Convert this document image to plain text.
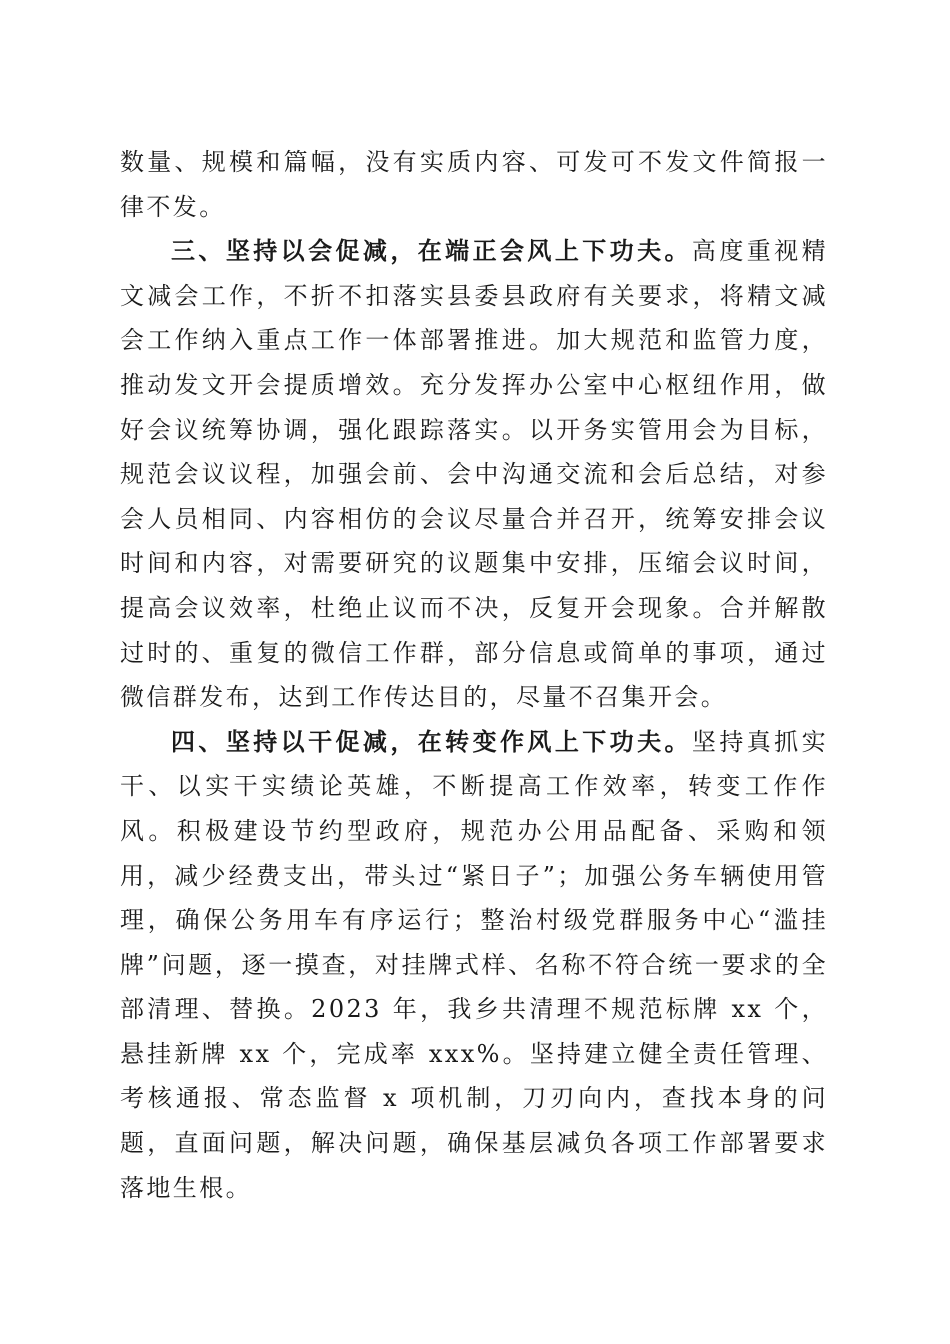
数量、规模和篇幅，没有实质内容、可发可不发文件简报一律不发。

三、坚持以会促减，在端正会风上下功夫。高度重视精文减会工作，不折不扣落实县委县政府有关要求，将精文减会工作纳入重点工作一体部署推进。加大规范和监管力度，推动发文开会提质增效。充分发挥办公室中心枢纽作用，做好会议统筹协调，强化跟踪落实。以开务实管用会为目标，规范会议议程，加强会前、会中沟通交流和会后总结，对参会人员相同、内容相仿的会议尽量合并召开，统筹安排会议时间和内容，对需要研究的议题集中安排，压缩会议时间，提高会议效率，杜绝止议而不决，反复开会现象。合并解散过时的、重复的微信工作群，部分信息或简单的事项，通过微信群发布，达到工作传达目的，尽量不召集开会。

四、坚持以干促减，在转变作风上下功夫。坚持真抓实干、以实干实绩论英雄，不断提高工作效率，转变工作作风。积极建设节约型政府，规范办公用品配备、采购和领用，减少经费支出，带头过“紧日子”；加强公务车辆使用管理，确保公务用车有序运行；整治村级党群服务中心“滥挂牌”问题，逐一摸查，对挂牌式样、名称不符合统一要求的全部清理、替换。2023 年，我乡共清理不规范标牌 xx 个，悬挂新牌 xx 个，完成率 xxx%。坚持建立健全责任管理、考核通报、常态监督 x 项机制，刀刃向内，查找本身的问题，直面问题，解决问题，确保基层减负各项工作部署要求落地生根。
